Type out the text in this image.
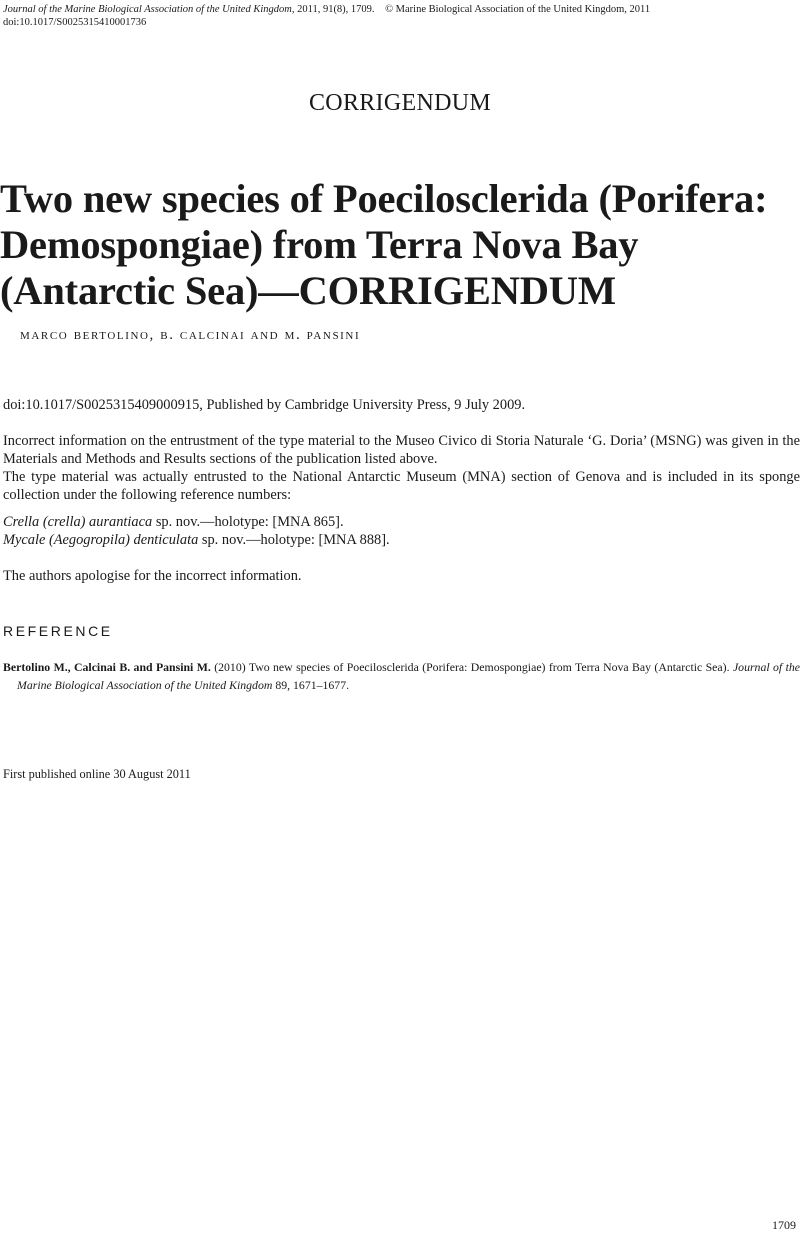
Journal of the Marine Biological Association of the United Kingdom, 2011, 91(8), 1709. © Marine Biological Association of the United Kingdom, 2011
doi:10.1017/S0025315410001736
CORRIGENDUM
Two new species of Poecilosclerida (Porifera: Demospongiae) from Terra Nova Bay (Antarctic Sea)—CORRIGENDUM
marco bertolino, b. calcinai and m. pansini
doi:10.1017/S0025315409000915, Published by Cambridge University Press, 9 July 2009.
Incorrect information on the entrustment of the type material to the Museo Civico di Storia Naturale ‘G. Doria’ (MSNG) was given in the Materials and Methods and Results sections of the publication listed above.
The type material was actually entrusted to the National Antarctic Museum (MNA) section of Genova and is included in its sponge collection under the following reference numbers:
Crella (crella) aurantiaca sp. nov.—holotype: [MNA 865].
Mycale (Aegogropila) denticulata sp. nov.—holotype: [MNA 888].
The authors apologise for the incorrect information.
REFERENCE
Bertolino M., Calcinai B. and Pansini M. (2010) Two new species of Poecilosclerida (Porifera: Demospongiae) from Terra Nova Bay (Antarctic Sea). Journal of the Marine Biological Association of the United Kingdom 89, 1671–1677.
First published online 30 August 2011
1709
